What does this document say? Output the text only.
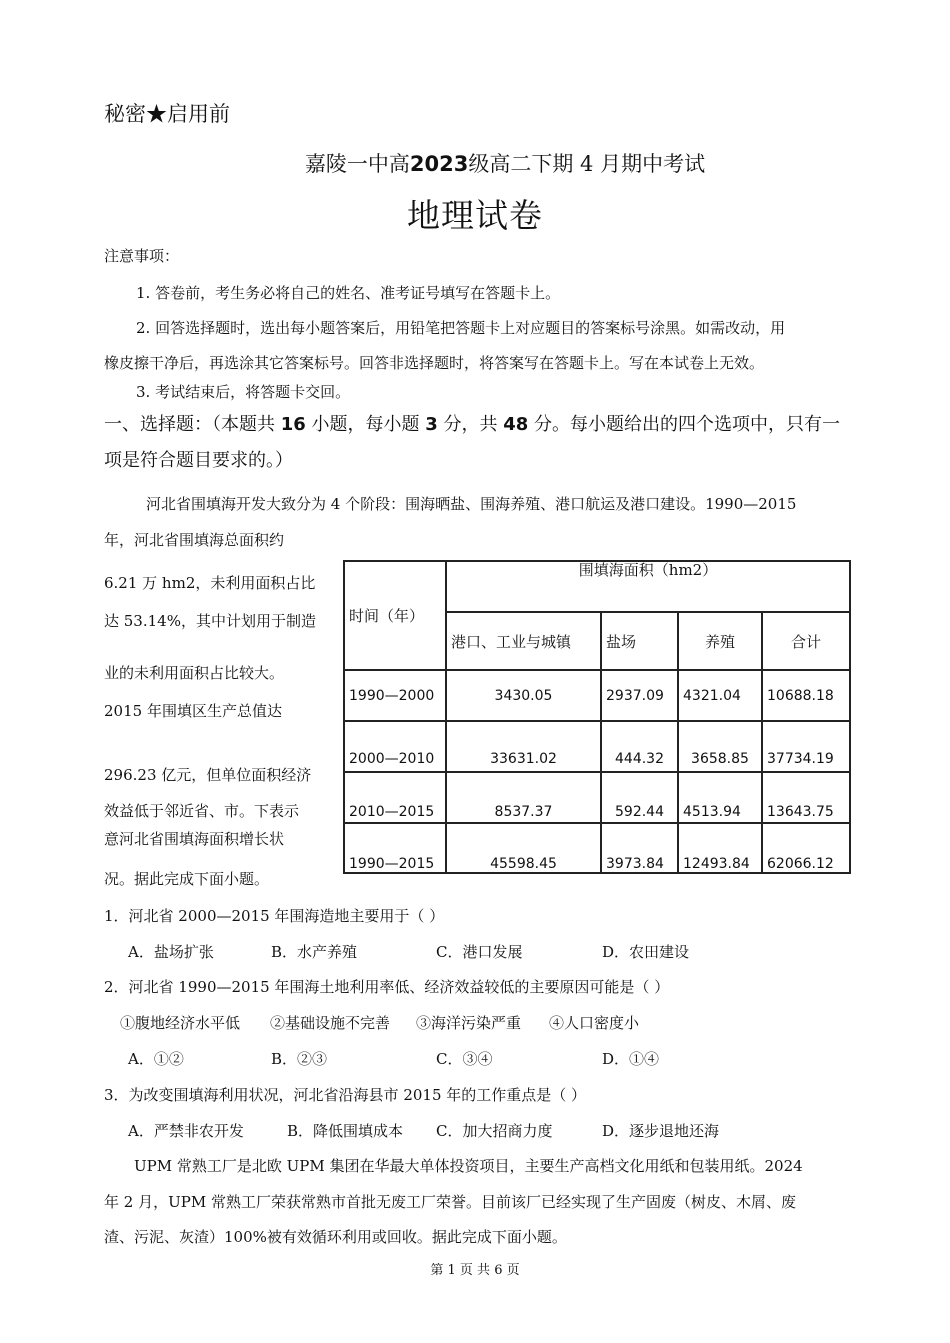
秘密★启用前
嘉陵一中高2023级高二下期 4 月期中考试
地理试卷
注意事项：
1. 答卷前，考生务必将自己的姓名、准考证号填写在答题卡上。
2. 回答选择题时，选出每小题答案后，用铅笔把答题卡上对应题目的答案标号涂黑。如需改动，用
橡皮擦干净后，再选涂其它答案标号。回答非选择题时，将答案写在答题卡上。写在本试卷上无效。
3. 考试结束后，将答题卡交回。
一、选择题：（本题共 16 小题，每小题 3 分，共 48 分。每小题给出的四个选项中，只有一
项是符合题目要求的。）
河北省围填海开发大致分为 4 个阶段：围海晒盐、围海养殖、港口航运及港口建设。1990—2015
年，河北省围填海总面积约
6.21 万 hm2，未利用面积占比
达 53.14%，其中计划用于制造
业的未利用面积占比较大。
2015 年围填区生产总值达
296.23 亿元，但单位面积经济
效益低于邻近省、市。下表示
意河北省围填海面积增长状
况。据此完成下面小题。
时间（年）	围填海面积（hm2）			
	港口、工业与城镇	盐场	养殖	合计
1990—2000	3430.05	2937.09	4321.04	10688.18
2000—2010	33631.02	444.32	3658.85	37734.19
2010—2015	8537.37	592.44	4513.94	13643.75
1990—2015	45598.45	3973.84	12493.84	62066.12
1．河北省 2000—2015 年围海造地主要用于（ ）
A．盐场扩张	B．水产养殖	C．港口发展	D．农田建设
2．河北省 1990—2015 年围海土地利用率低、经济效益较低的主要原因可能是（ ）
①腹地经济水平低 ②基础设施不完善 ③海洋污染严重 ④人口密度小
A．①②	B．②③	C．③④	D．①④
3．为改变围填海利用状况，河北省沿海县市 2015 年的工作重点是（ ）
A．严禁非农开发	B．降低围填成本 C．加大招商力度	D．逐步退地还海
UPM 常熟工厂是北欧 UPM 集团在华最大单体投资项目，主要生产高档文化用纸和包装用纸。2024
年 2 月，UPM 常熟工厂荣获常熟市首批无废工厂荣誉。目前该厂已经实现了生产固废（树皮、木屑、废
渣、污泥、灰渣）100%被有效循环利用或回收。据此完成下面小题。
第 1 页 共 6 页
